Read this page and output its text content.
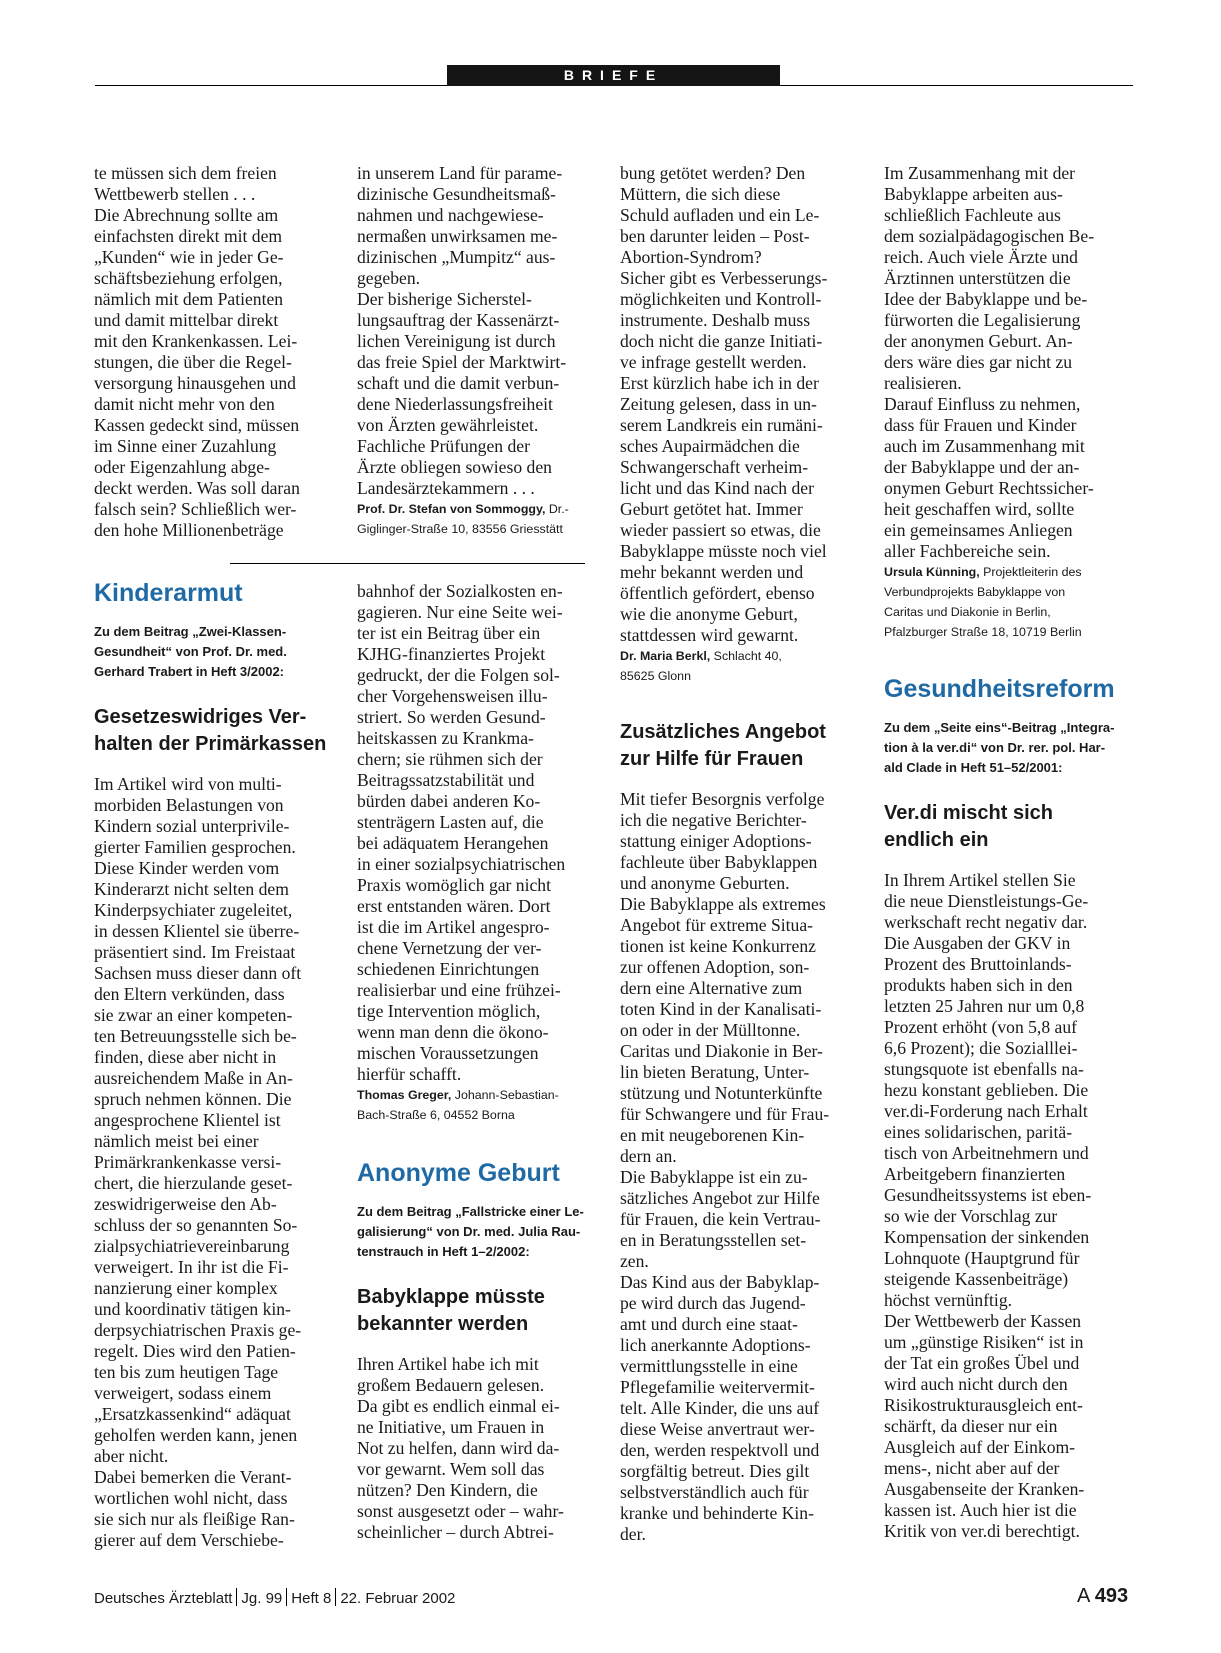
BRIEFE

te müssen sich dem freien
Wettbewerb stellen . . .
Die Abrechnung sollte am
einfachsten direkt mit dem
„Kunden“ wie in jeder Ge-
schäftsbeziehung erfolgen,
nämlich mit dem Patienten
und damit mittelbar direkt
mit den Krankenkassen. Lei-
stungen, die über die Regel-
versorgung hinausgehen und
damit nicht mehr von den
Kassen gedeckt sind, müssen
im Sinne einer Zuzahlung
oder Eigenzahlung abge-
deckt werden. Was soll daran
falsch sein? Schließlich wer-
den hohe Millionenbeträge

Kinderarmut

Zu dem Beitrag „Zwei-Klassen-
Gesundheit“ von Prof. Dr. med.
Gerhard Trabert in Heft 3/2002:

Gesetzeswidriges Ver-
halten der Primärkassen

Im Artikel wird von multi-
morbiden Belastungen von
Kindern sozial unterprivile-
gierter Familien gesprochen.
Diese Kinder werden vom
Kinderarzt nicht selten dem
Kinderpsychiater zugeleitet,
in dessen Klientel sie überre-
präsentiert sind. Im Freistaat
Sachsen muss dieser dann oft
den Eltern verkünden, dass
sie zwar an einer kompeten-
ten Betreuungsstelle sich be-
finden, diese aber nicht in
ausreichendem Maße in An-
spruch nehmen können. Die
angesprochene Klientel ist
nämlich meist bei einer
Primärkrankenkasse versi-
chert, die hierzulande geset-
zeswidrigerweise den Ab-
schluss der so genannten So-
zialpsychiatrievereinbarung
verweigert. In ihr ist die Fi-
nanzierung einer komplex
und koordinativ tätigen kin-
derpsychiatrischen Praxis ge-
regelt. Dies wird den Patien-
ten bis zum heutigen Tage
verweigert, sodass einem
„Ersatzkassenkind“ adäquat
geholfen werden kann, jenen
aber nicht.
Dabei bemerken die Verant-
wortlichen wohl nicht, dass
sie sich nur als fleißige Ran-
gierer auf dem Verschiebe-

in unserem Land für parame-
dizinische Gesundheitsmaß-
nahmen und nachgewiese-
nermaßen unwirksamen me-
dizinischen „Mumpitz“ aus-
gegeben.
Der bisherige Sicherstel-
lungsauftrag der Kassenärzt-
lichen Vereinigung ist durch
das freie Spiel der Marktwirt-
schaft und die damit verbun-
dene Niederlassungsfreiheit
von Ärzten gewährleistet.
Fachliche Prüfungen der
Ärzte obliegen sowieso den
Landesärztekammern . . .

Prof. Dr. Stefan von Sommoggy, Dr.-
Giglinger-Straße 10, 83556 Griesstätt

bahnhof der Sozialkosten en-
gagieren. Nur eine Seite wei-
ter ist ein Beitrag über ein
KJHG-finanziertes Projekt
gedruckt, der die Folgen sol-
cher Vorgehensweisen illu-
striert. So werden Gesund-
heitskassen zu Krankma-
chern; sie rühmen sich der
Beitragssatzstabilität und
bürden dabei anderen Ko-
stenträgern Lasten auf, die
bei adäquatem Herangehen
in einer sozialpsychiatrischen
Praxis womöglich gar nicht
erst entstanden wären. Dort
ist die im Artikel angespro-
chene Vernetzung der ver-
schiedenen Einrichtungen
realisierbar und eine frühzei-
tige Intervention möglich,
wenn man denn die ökono-
mischen Voraussetzungen
hierfür schafft.

Thomas Greger, Johann-Sebastian-
Bach-Straße 6, 04552 Borna

Anonyme Geburt

Zu dem Beitrag „Fallstricke einer Le-
galisierung“ von Dr. med. Julia Rau-
tenstrauch in Heft 1–2/2002:

Babyklappe müsste
bekannter werden

Ihren Artikel habe ich mit
großem Bedauern gelesen.
Da gibt es endlich einmal ei-
ne Initiative, um Frauen in
Not zu helfen, dann wird da-
vor gewarnt. Wem soll das
nützen? Den Kindern, die
sonst ausgesetzt oder – wahr-
scheinlicher – durch Abtrei-

bung getötet werden? Den
Müttern, die sich diese
Schuld aufladen und ein Le-
ben darunter leiden – Post-
Abortion-Syndrom?
Sicher gibt es Verbesserungs-
möglichkeiten und Kontroll-
instrumente. Deshalb muss
doch nicht die ganze Initiati-
ve infrage gestellt werden.
Erst kürzlich habe ich in der
Zeitung gelesen, dass in un-
serem Landkreis ein rumäni-
sches Aupairmädchen die
Schwangerschaft verheim-
licht und das Kind nach der
Geburt getötet hat. Immer
wieder passiert so etwas, die
Babyklappe müsste noch viel
mehr bekannt werden und
öffentlich gefördert, ebenso
wie die anonyme Geburt,
stattdessen wird gewarnt.

Dr. Maria Berkl, Schlacht 40,
85625 Glonn

Zusätzliches Angebot
zur Hilfe für Frauen

Mit tiefer Besorgnis verfolge
ich die negative Berichter-
stattung einiger Adoptions-
fachleute über Babyklappen
und anonyme Geburten.
Die Babyklappe als extremes
Angebot für extreme Situa-
tionen ist keine Konkurrenz
zur offenen Adoption, son-
dern eine Alternative zum
toten Kind in der Kanalisati-
on oder in der Mülltonne.
Caritas und Diakonie in Ber-
lin bieten Beratung, Unter-
stützung und Notunterkünfte
für Schwangere und für Frau-
en mit neugeborenen Kin-
dern an.
Die Babyklappe ist ein zu-
sätzliches Angebot zur Hilfe
für Frauen, die kein Vertrau-
en in Beratungsstellen set-
zen.
Das Kind aus der Babyklap-
pe wird durch das Jugend-
amt und durch eine staat-
lich anerkannte Adoptions-
vermittlungsstelle in eine
Pflegefamilie weitervermit-
telt. Alle Kinder, die uns auf
diese Weise anvertraut wer-
den, werden respektvoll und
sorgfältig betreut. Dies gilt
selbstverständlich auch für
kranke und behinderte Kin-
der.

Im Zusammenhang mit der
Babyklappe arbeiten aus-
schließlich Fachleute aus
dem sozialpädagogischen Be-
reich. Auch viele Ärzte und
Ärztinnen unterstützen die
Idee der Babyklappe und be-
fürworten die Legalisierung
der anonymen Geburt. An-
ders wäre dies gar nicht zu
realisieren.
Darauf Einfluss zu nehmen,
dass für Frauen und Kinder
auch im Zusammenhang mit
der Babyklappe und der an-
onymen Geburt Rechtssicher-
heit geschaffen wird, sollte
ein gemeinsames Anliegen
aller Fachbereiche sein.

Ursula Künning, Projektleiterin des
Verbundprojekts Babyklappe von
Caritas und Diakonie in Berlin,
Pfalzburger Straße 18, 10719 Berlin

Gesundheitsreform

Zu dem „Seite eins“-Beitrag „Integra-
tion à la ver.di“ von Dr. rer. pol. Har-
ald Clade in Heft 51–52/2001:

Ver.di mischt sich
endlich ein

In Ihrem Artikel stellen Sie
die neue Dienstleistungs-Ge-
werkschaft recht negativ dar.
Die Ausgaben der GKV in
Prozent des Bruttoinlands-
produkts haben sich in den
letzten 25 Jahren nur um 0,8
Prozent erhöht (von 5,8 auf
6,6 Prozent); die Sozialllei-
stungsquote ist ebenfalls na-
hezu konstant geblieben. Die
ver.di-Forderung nach Erhalt
eines solidarischen, paritä-
tisch von Arbeitnehmern und
Arbeitgebern finanzierten
Gesundheitssystems ist eben-
so wie der Vorschlag zur
Kompensation der sinkenden
Lohnquote (Hauptgrund für
steigende Kassenbeiträge)
höchst vernünftig.
Der Wettbewerb der Kassen
um „günstige Risiken“ ist in
der Tat ein großes Übel und
wird auch nicht durch den
Risikostrukturausgleich ent-
schärft, da dieser nur ein
Ausgleich auf der Einkom-
mens-, nicht aber auf der
Ausgabenseite der Kranken-
kassen ist. Auch hier ist die
Kritik von ver.di berechtigt.

Deutsches Ärzteblatt Jg. 99 Heft 8 22. Februar 2002	A 493
